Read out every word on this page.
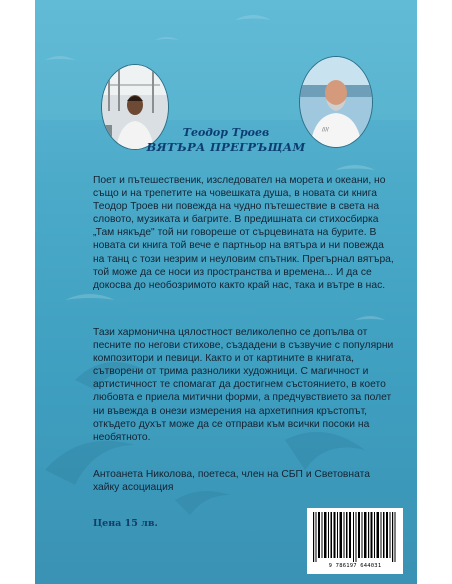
////

Теодор Троев

ВЯТЪРА ПРЕГРЪЩАМ

Поет и пътешественик, изследовател на морета и океани, но също и на трепетите на човешката душа, в новата си книга Теодор Троев ни повежда на чудно пътешествие в света на словото, музиката и багрите. В предишната си стихосбирка „Там някъде" той ни говореше от сърцевината на бурите. В новата си книга той вече е партньор на вятъра и ни повежда на танц с този незрим и неуловим спътник. Прегърнал вятъра, той може да се носи из пространства и времена... И да се докосва до необозримото както край нас, така и вътре в нас.

Тази хармонична цялостност великолепно се допълва от песните по негови стихове, създадени в съзвучие с популярни композитори и певици. Както и от картините в книгата, сътворени от трима разнолики художници. С магичност и артистичност те спомагат да достигнем състоянието, в което любовта е приела митични форми, а предчувствието за полет ни въвежда в онези измерения на архетипния кръстопът, откъдето духът може да се отправи към всички посоки на необятното.

Антоанета Николова, поетеса, член на СБП и Световната хайку асоциация

Цена 15 лв.

9 786197 644031
